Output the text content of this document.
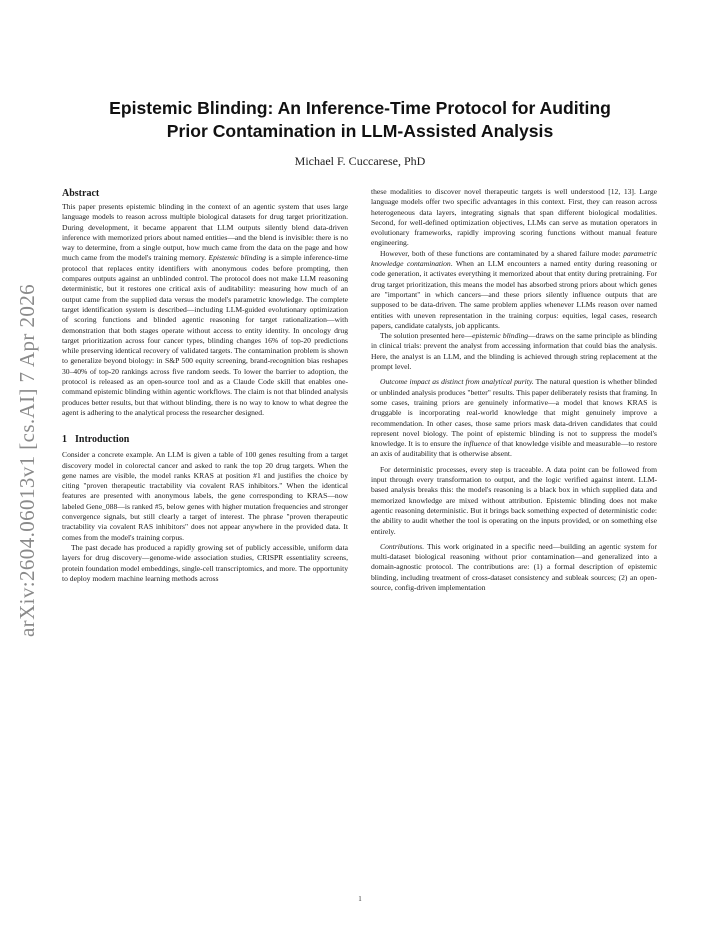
arXiv:2604.06013v1 [cs.AI] 7 Apr 2026
Epistemic Blinding: An Inference-Time Protocol for Auditing
Prior Contamination in LLM-Assisted Analysis
Michael F. Cuccarese, PhD
Abstract

This paper presents epistemic blinding in the context of an agentic system that uses large language models to reason across multiple biological datasets for drug target prioritization. During development, it became apparent that LLM outputs silently blend data-driven inference with memorized priors about named entities—and the blend is invisible: there is no way to determine, from a single output, how much came from the data on the page and how much came from the model's training memory. Epistemic blinding is a simple inference-time protocol that replaces entity identifiers with anonymous codes before prompting, then compares outputs against an unblinded control. The protocol does not make LLM reasoning deterministic, but it restores one critical axis of auditability: measuring how much of an output came from the supplied data versus the model's parametric knowledge. The complete target identification system is described—including LLM-guided evolutionary optimization of scoring functions and blinded agentic reasoning for target rationalization—with demonstration that both stages operate without access to entity identity. In oncology drug target prioritization across four cancer types, blinding changes 16% of top-20 predictions while preserving identical recovery of validated targets. The contamination problem is shown to generalize beyond biology: in S&P 500 equity screening, brand-recognition bias reshapes 30–40% of top-20 rankings across five random seeds. To lower the barrier to adoption, the protocol is released as an open-source tool and as a Claude Code skill that enables one-command epistemic blinding within agentic workflows. The claim is not that blinded analysis produces better results, but that without blinding, there is no way to know to what degree the agent is adhering to the analytical process the researcher designed.

1 Introduction

Consider a concrete example. An LLM is given a table of 100 genes resulting from a target discovery model in colorectal cancer and asked to rank the top 20 drug targets. When the gene names are visible, the model ranks KRAS at position #1 and justifies the choice by citing "proven therapeutic tractability via covalent RAS inhibitors." When the identical features are presented with anonymous labels, the gene corresponding to KRAS—now labeled Gene_088—is ranked #5, below genes with higher mutation frequencies and stronger convergence signals, but still clearly a target of interest. The phrase "proven therapeutic tractability via covalent RAS inhibitors" does not appear anywhere in the provided data. It comes from the model's training corpus.

The past decade has produced a rapidly growing set of publicly accessible, uniform data layers for drug discovery—genome-wide association studies, CRISPR essentiality screens, protein foundation model embeddings, single-cell transcriptomics, and more. The opportunity to deploy modern machine learning methods across

these modalities to discover novel therapeutic targets is well understood [12, 13]. Large language models offer two specific advantages in this context. First, they can reason across heterogeneous data layers, integrating signals that span different biological modalities. Second, for well-defined optimization objectives, LLMs can serve as mutation operators in evolutionary frameworks, rapidly improving scoring functions without manual feature engineering.

However, both of these functions are contaminated by a shared failure mode: parametric knowledge contamination. When an LLM encounters a named entity during reasoning or code generation, it activates everything it memorized about that entity during pretraining. For drug target prioritization, this means the model has absorbed strong priors about which genes are "important" in which cancers—and these priors silently influence outputs that are supposed to be data-driven. The same problem applies whenever LLMs reason over named entities with uneven representation in the training corpus: equities, legal cases, research papers, candidate catalysts, job applicants.

The solution presented here—epistemic blinding—draws on the same principle as blinding in clinical trials: prevent the analyst from accessing information that could bias the analysis. Here, the analyst is an LLM, and the blinding is achieved through string replacement at the prompt level.

Outcome impact as distinct from analytical purity. The natural question is whether blinded or unblinded analysis produces "better" results. This paper deliberately resists that framing. In some cases, training priors are genuinely informative—a model that knows KRAS is druggable is incorporating real-world knowledge that might genuinely improve a recommendation. In other cases, those same priors mask data-driven candidates that could represent novel biology. The point of epistemic blinding is not to suppress the model's knowledge. It is to ensure the influence of that knowledge visible and measurable—to restore an axis of auditability that is otherwise absent.

For deterministic processes, every step is traceable. A data point can be followed from input through every transformation to output, and the logic verified against intent. LLM-based analysis breaks this: the model's reasoning is a black box in which supplied data and memorized knowledge are mixed without attribution. Epistemic blinding does not make agentic reasoning deterministic. But it brings back something expected of deterministic code: the ability to audit whether the tool is operating on the inputs provided, or on something else entirely.

Contributions. This work originated in a specific need—building an agentic system for multi-dataset biological reasoning without prior contamination—and generalized into a domain-agnostic protocol. The contributions are: (1) a formal description of epistemic blinding, including treatment of cross-dataset consistency and subleak sources; (2) an open-source, config-driven implementation

1
